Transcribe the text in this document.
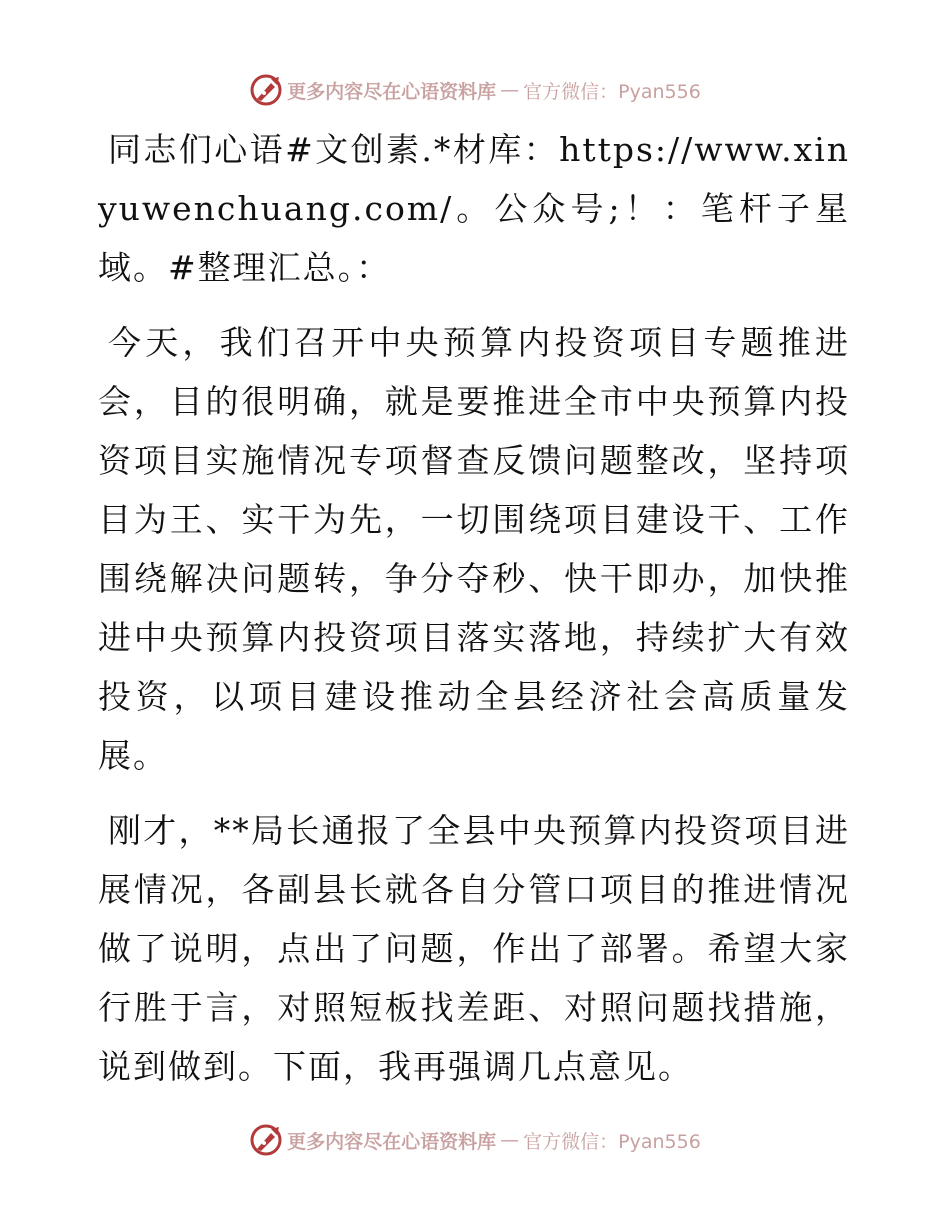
更多内容尽在心语资料库 — 官方微信：Pyan556

同志们心语#文创素.*材库：https://www.xinyuwenchuang.com/。公众号;！：笔杆子星域。#整理汇总。：

今天，我们召开中央预算内投资项目专题推进会，目的很明确，就是要推进全市中央预算内投资项目实施情况专项督查反馈问题整改，坚持项目为王、实干为先，一切围绕项目建设干、工作围绕解决问题转，争分夺秒、快干即办，加快推进中央预算内投资项目落实落地，持续扩大有效投资，以项目建设推动全县经济社会高质量发展。

刚才，**局长通报了全县中央预算内投资项目进展情况，各副县长就各自分管口项目的推进情况做了说明，点出了问题，作出了部署。希望大家行胜于言，对照短板找差距、对照问题找措施，说到做到。下面，我再强调几点意见。

更多内容尽在心语资料库 — 官方微信：Pyan556
